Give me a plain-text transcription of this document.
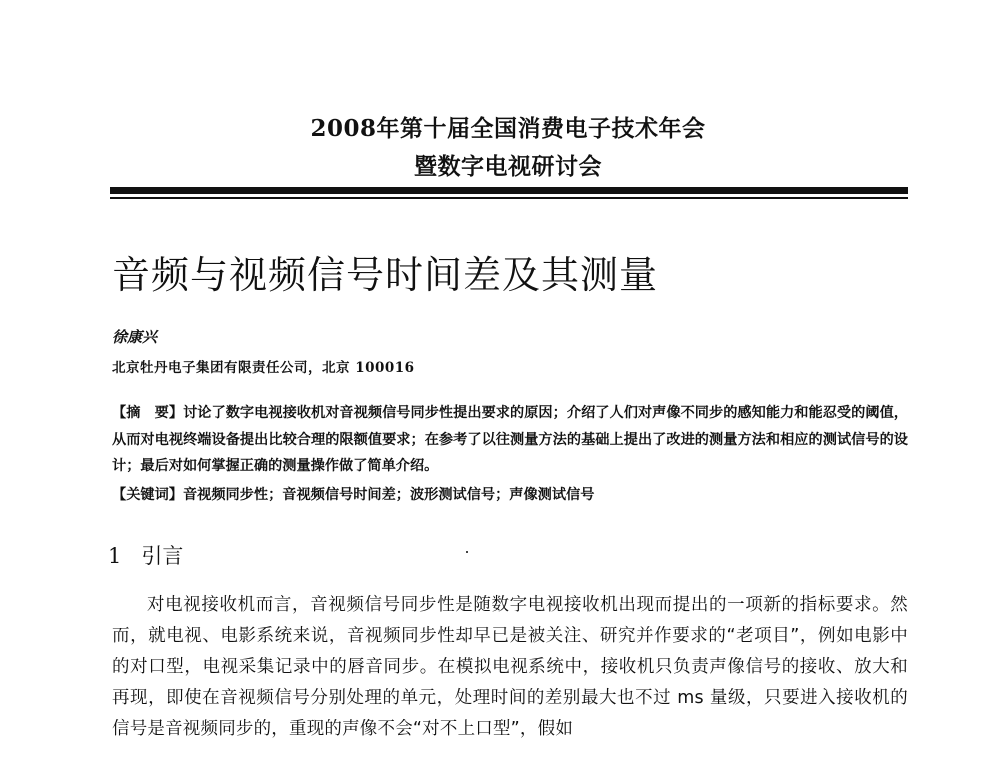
2008年第十届全国消费电子技术年会
暨数字电视研讨会
音频与视频信号时间差及其测量
徐康兴
北京牡丹电子集团有限责任公司，北京 100016
【摘　要】讨论了数字电视接收机对音视频信号同步性提出要求的原因；介绍了人们对声像不同步的感知能力和能忍受的阈值，从而对电视终端设备提出比较合理的限额值要求；在参考了以往测量方法的基础上提出了改进的测量方法和相应的测试信号的设计；最后对如何掌握正确的测量操作做了简单介绍。
【关键词】音视频同步性；音视频信号时间差；波形测试信号；声像测试信号
1 引言
对电视接收机而言，音视频信号同步性是随数字电视接收机出现而提出的一项新的指标要求。然而，就电视、电影系统来说，音视频同步性却早已是被关注、研究并作要求的“老项目”，例如电影中的对口型，电视采集记录中的唇音同步。在模拟电视系统中，接收机只负责声像信号的接收、放大和再现，即使在音视频信号分别处理的单元，处理时间的差别最大也不过 ms 量级，只要进入接收机的信号是音视频同步的，重现的声像不会“对不上口型”，假如
